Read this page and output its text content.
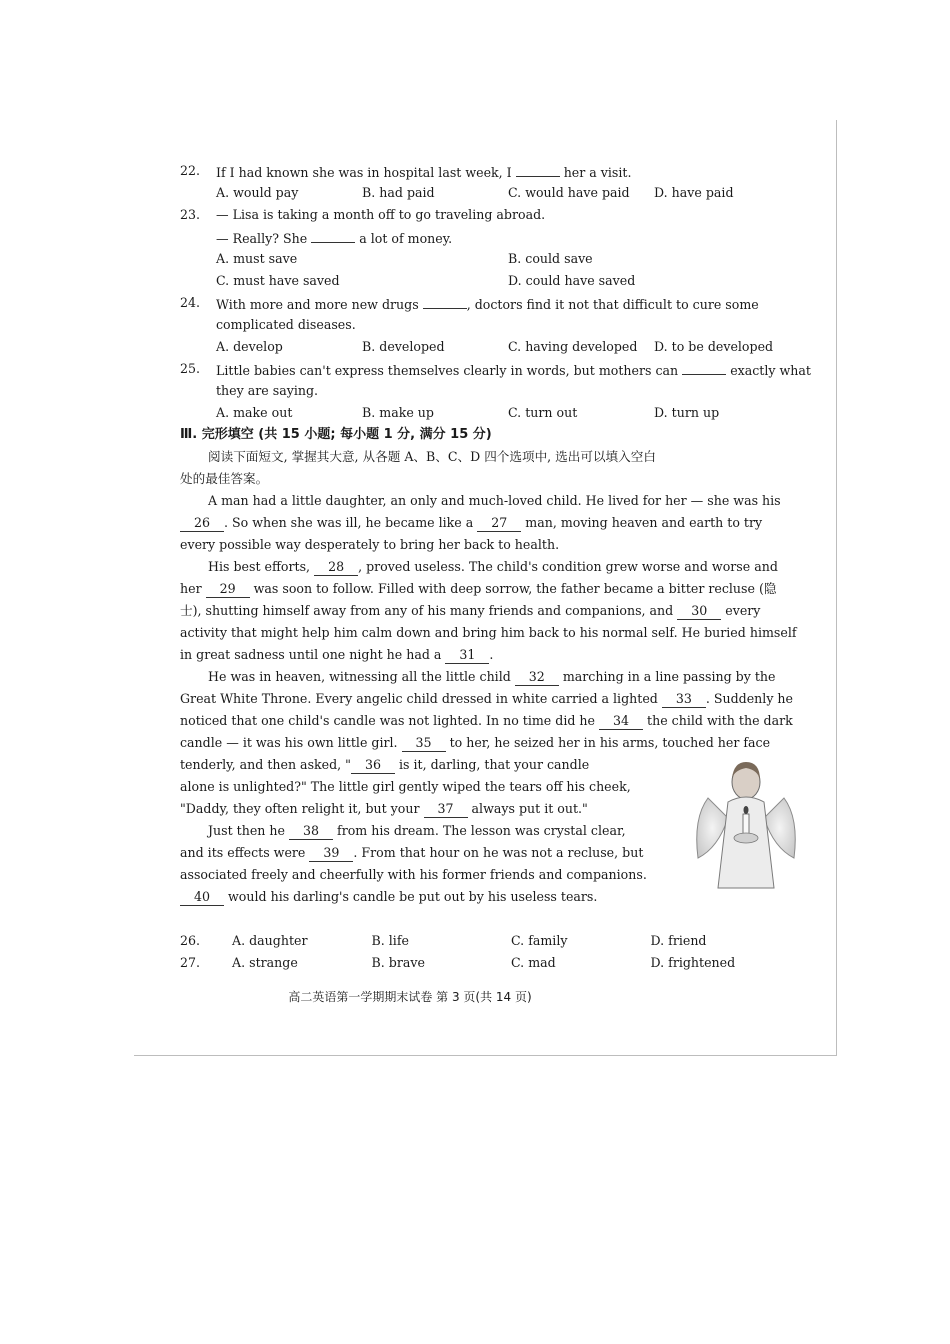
22.	If I had known she was in hospital last week, I	her a visit.
A. would pay	B. had paid	C. would have paid	D. have paid
23.	— Lisa is taking a month off to go traveling abroad.
— Really? She	a lot of money.
A. must save	B. could save
C. must have saved	D. could have saved
24.	With more and more new drugs	, doctors find it not that difficult to cure some
complicated diseases.
A. develop	B. developed	C. having developed	D. to be developed
25.	Little babies can't express themselves clearly in words, but mothers can	exactly what
they are saying.
A. make out	B. make up	C. turn out	D. turn up
Ⅲ. 完形填空 (共 15 小题; 每小题 1 分, 满分 15 分)
阅读下面短文, 掌握其大意, 从各题 A、B、C、D 四个选项中, 选出可以填入空白
处的最佳答案。
A man had a little daughter, an only and much-loved child. He lived for her — she was his
26 . So when she was ill, he became like a 27 man, moving heaven and earth to try
every possible way desperately to bring her back to health.
His best efforts, 28 , proved useless. The child's condition grew worse and worse and
her 29 was soon to follow. Filled with deep sorrow, the father became a bitter recluse (隐
士), shutting himself away from any of his many friends and companions, and 30 every
activity that might help him calm down and bring him back to his normal self. He buried himself
in great sadness until one night he had a 31 .
He was in heaven, witnessing all the little child 32 marching in a line passing by the
Great White Throne. Every angelic child dressed in white carried a lighted 33 . Suddenly he
noticed that one child's candle was not lighted. In no time did he 34 the child with the dark
candle — it was his own little girl. 35 to her, he seized her in his arms, touched her face
tenderly, and then asked, " 36 is it, darling, that your candle
alone is unlighted?" The little girl gently wiped the tears off his cheek,
"Daddy, they often relight it, but your 37 always put it out."
Just then he 38 from his dream. The lesson was crystal clear,
and its effects were 39 . From that hour on he was not a recluse, but
associated freely and cheerfully with his former friends and companions.
40 would his darling's candle be put out by his useless tears.
26.	A. daughter	B. life	C. family	D. friend
27.	A. strange	B. brave	C. mad	D. frightened
高二英语第一学期期末试卷 第 3 页(共 14 页)
